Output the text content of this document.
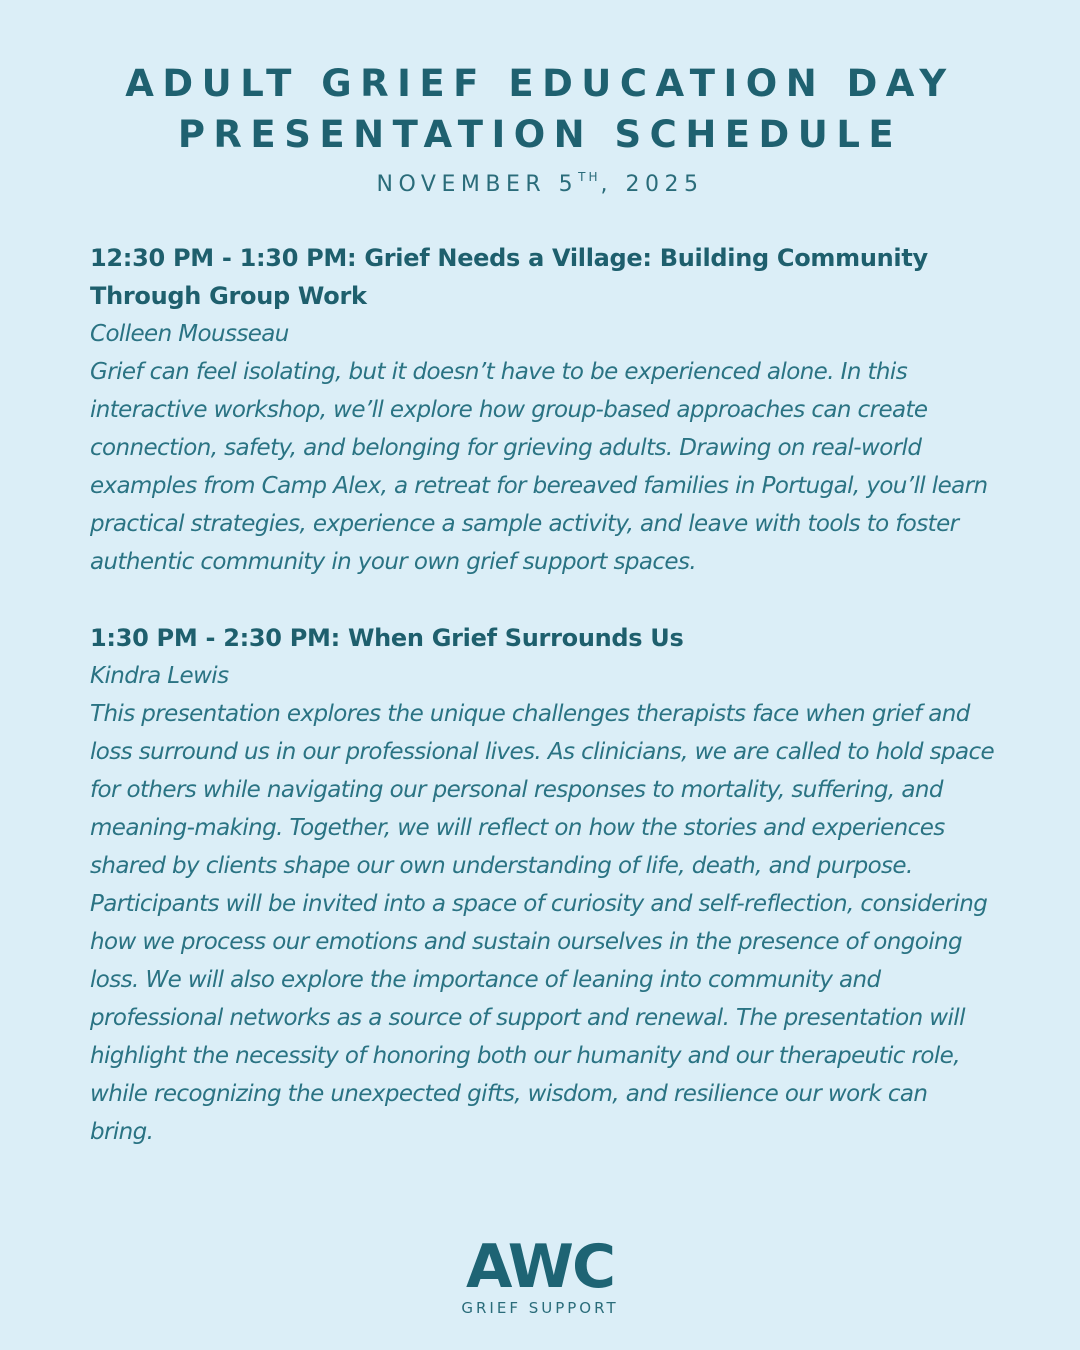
ADULT GRIEF EDUCATION DAY
PRESENTATION SCHEDULE
NOVEMBER 5TH, 2025
12:30 PM - 1:30 PM: Grief Needs a Village: Building Community Through Group Work
Colleen Mousseau
Grief can feel isolating, but it doesn’t have to be experienced alone. In this interactive workshop, we’ll explore how group-based approaches can create connection, safety, and belonging for grieving adults. Drawing on real-world examples from Camp Alex, a retreat for bereaved families in Portugal, you’ll learn practical strategies, experience a sample activity, and leave with tools to foster authentic community in your own grief support spaces.
1:30 PM - 2:30 PM: When Grief Surrounds Us
Kindra Lewis
This presentation explores the unique challenges therapists face when grief and loss surround us in our professional lives. As clinicians, we are called to hold space for others while navigating our personal responses to mortality, suffering, and meaning-making. Together, we will reflect on how the stories and experiences shared by clients shape our own understanding of life, death, and purpose. Participants will be invited into a space of curiosity and self-reflection, considering how we process our emotions and sustain ourselves in the presence of ongoing loss. We will also explore the importance of leaning into community and professional networks as a source of support and renewal. The presentation will highlight the necessity of honoring both our humanity and our therapeutic role, while recognizing the unexpected gifts, wisdom, and resilience our work can bring.
AWC
GRIEF SUPPORT
